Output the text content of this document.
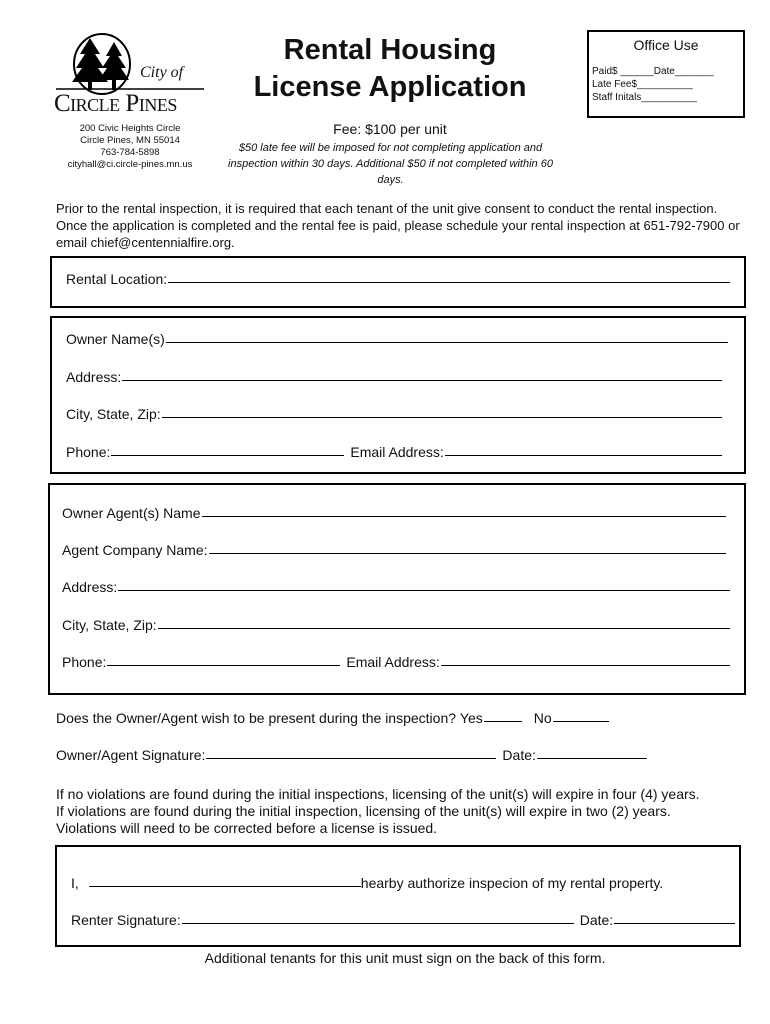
City of
Circle Pines
200 Civic Heights Circle
Circle Pines, MN 55014
763-784-5898
cityhall@ci.circle-pines.mn.us
Rental Housing
License Application
Fee: $100 per unit
$50 late fee will be imposed for not completing application and inspection within 30 days. Additional $50 if not completed within 60 days.
Office Use
Paid$ ______Date_______
Late Fee$__________
Staff Initals__________
Prior to the rental inspection, it is required that each tenant of the unit give consent to conduct the rental inspection. Once the application is completed and the rental fee is paid, please schedule your rental inspection at 651-792-7900 or email chief@centennialfire.org.
Rental Location:
Owner Name(s)
Address:
City, State, Zip:
Phone:	Email Address:
Owner Agent(s) Name
Agent Company Name:
Address:
City, State, Zip:
Phone:	Email Address:
Does the Owner/Agent wish to be present during the inspection?
Yes	No
Owner/Agent Signature:	Date:
If no violations are found during the initial inspections, licensing of the unit(s) will expire in four (4) years.
If violations are found during the initial inspection, licensing of the unit(s) will expire in two (2) years.
Violations will need to be corrected before a license is issued.
I,	hearby authorize inspecion of my rental property.
Renter Signature:	Date:
Additional tenants for this unit must sign on the back of this form.
